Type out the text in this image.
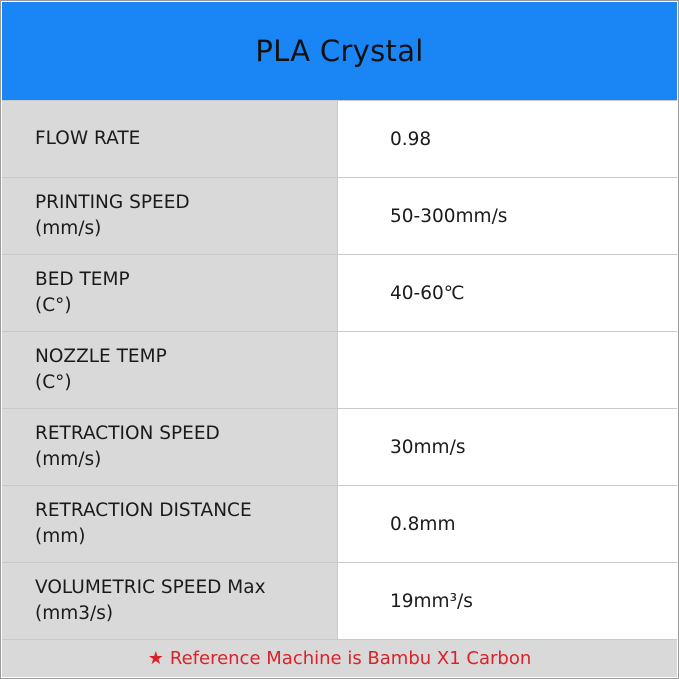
PLA Crystal
FLOW RATE	0.98
PRINTING SPEED
(mm/s)
50-300mm/s
BED TEMP
(C°)
40-60℃
NOZZLE TEMP
(C°)
RETRACTION SPEED
(mm/s)
30mm/s
RETRACTION DISTANCE
(mm)
0.8mm
VOLUMETRIC SPEED Max
(mm3/s)
19mm³/s
★ Reference Machine is Bambu X1 Carbon
